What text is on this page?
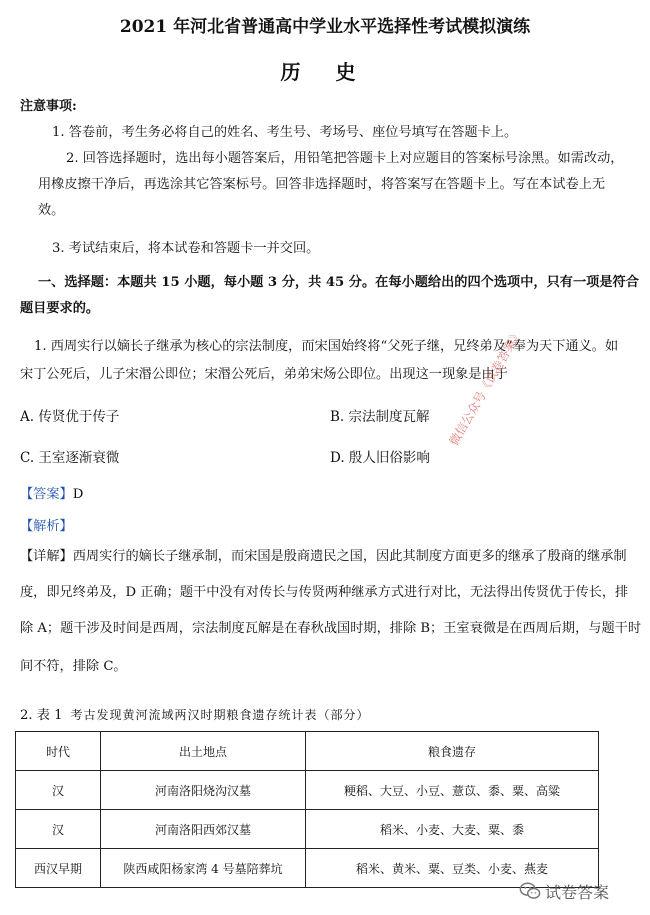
2021 年河北省普通高中学业水平选择性考试模拟演练
历 史
注意事项:
1. 答卷前，考生务必将自己的姓名、考生号、考场号、座位号填写在答题卡上。
2. 回答选择题时，选出每小题答案后，用铅笔把答题卡上对应题目的答案标号涂黑。如需改动，
用橡皮擦干净后，再选涂其它答案标号。回答非选择题时，将答案写在答题卡上。写在本试卷上无
效。
3. 考试结束后，将本试卷和答题卡一并交回。
一、选择题：本题共 15 小题，每小题 3 分，共 45 分。在每小题给出的四个选项中，只有一项是符合
题目要求的。
1. 西周实行以嫡长子继承为核心的宗法制度，而宋国始终将“父死子继，兄终弟及”奉为天下通义。如
宋丁公死后，儿子宋湣公即位；宋湣公死后，弟弟宋炀公即位。出现这一现象是由于
A. 传贤优于传子	B. 宗法制度瓦解
C. 王室逐渐衰微	D. 殷人旧俗影响
【答案】D
【解析】
【详解】西周实行的嫡长子继承制，而宋国是殷商遗民之国，因此其制度方面更多的继承了殷商的继承制
度，即兄终弟及，D 正确；题干中没有对传长与传贤两种继承方式进行对比，无法得出传贤优于传长，排
除 A；题干涉及时间是西周，宗法制度瓦解是在春秋战国时期，排除 B；王室衰微是在西周后期，与题干时
间不符，排除 C。
微信公众号《试卷答案》
2. 表 1 考古发现黄河流域两汉时期粮食遗存统计表（部分）
时代	出土地点	粮食遗存
汉	河南洛阳烧沟汉墓	粳稻、大豆、小豆、薏苡、黍、粟、高粱
汉	河南洛阳西郊汉墓	稻米、小麦、大麦、粟、黍
西汉早期	陕西咸阳杨家湾 4 号墓陪葬坑	稻米、黄米、粟、豆类、小麦、燕麦
试卷答案
